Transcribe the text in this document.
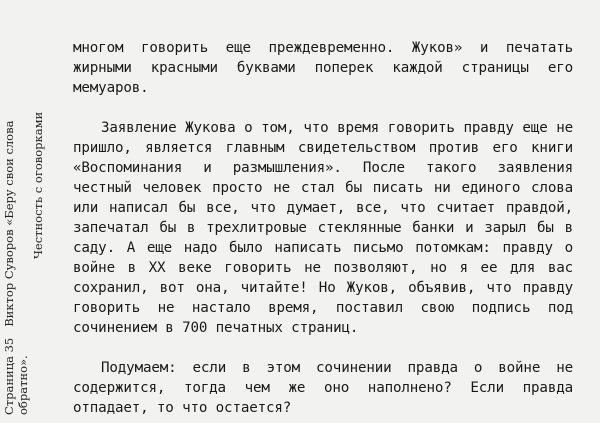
Страница 35   Виктор Суворов «Беру свои слова
обратно».
Честность с оговорками

многом говорить еще преждевременно. Жуков» и печатать жирными красными буквами поперек каждой страницы его мемуаров.

Заявление Жукова о том, что время говорить правду еще не пришло, является главным свидетельством против его книги «Воспоминания и размышления». После такого заявления честный человек просто не стал бы писать ни единого слова или написал бы все, что думает, все, что считает правдой, запечатал бы в трехлитровые стеклянные банки и зарыл бы в саду. А еще надо было написать письмо потомкам: правду о войне в XX веке говорить не позволяют, но я ее для вас сохранил, вот она, читайте! Но Жуков, объявив, что правду говорить не настало время, поставил свою подпись под сочинением в 700 печатных страниц.

Подумаем: если в этом сочинении правда о войне не содержится, тогда чем же оно наполнено? Если правда отпадает, то что остается?
